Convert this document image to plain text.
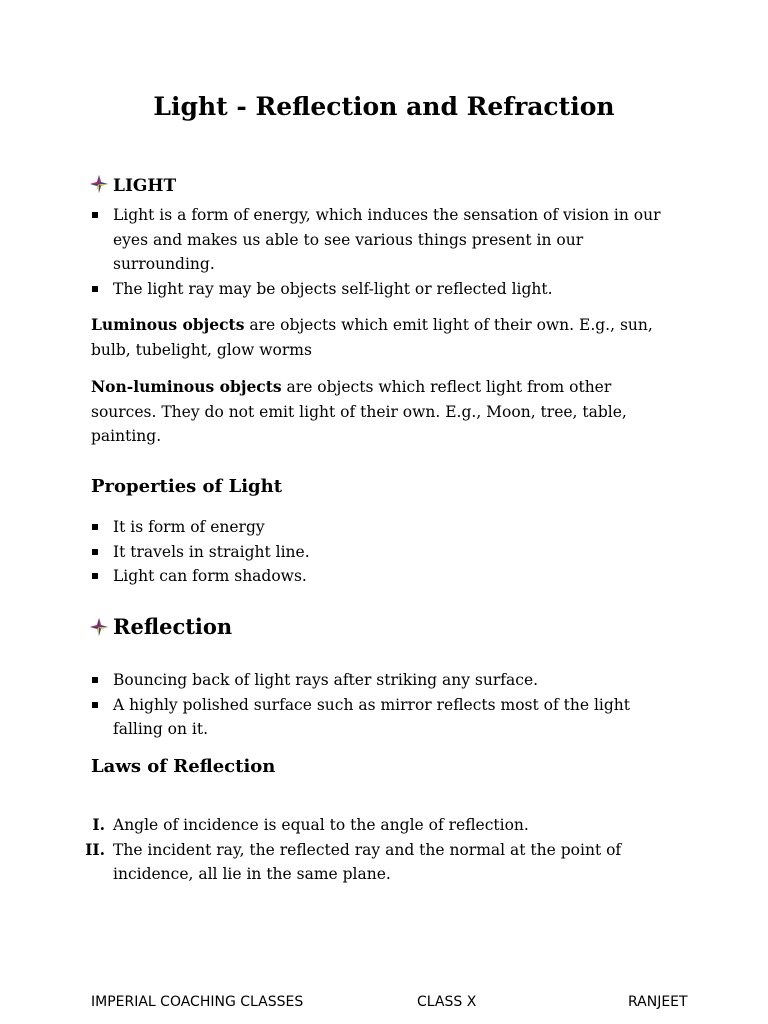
Light - Reflection and Refraction
LIGHT
Light is a form of energy, which induces the sensation of vision in our eyes and makes us able to see various things present in our surrounding.
The light ray may be objects self-light or reflected light.

Luminous objects are objects which emit light of their own. E.g., sun, bulb, tubelight, glow worms

Non-luminous objects are objects which reflect light from other sources. They do not emit light of their own. E.g., Moon, tree, table, painting.

Properties of Light
It is form of energy
It travels in straight line.
Light can form shadows.
Reflection
Bouncing back of light rays after striking any surface.
A highly polished surface such as mirror reflects most of the light falling on it.
Laws of Reflection
I. Angle of incidence is equal to the angle of reflection.
II. The incident ray, the reflected ray and the normal at the point of incidence, all lie in the same plane.
IMPERIAL COACHING CLASSES	CLASS X	RANJEET
